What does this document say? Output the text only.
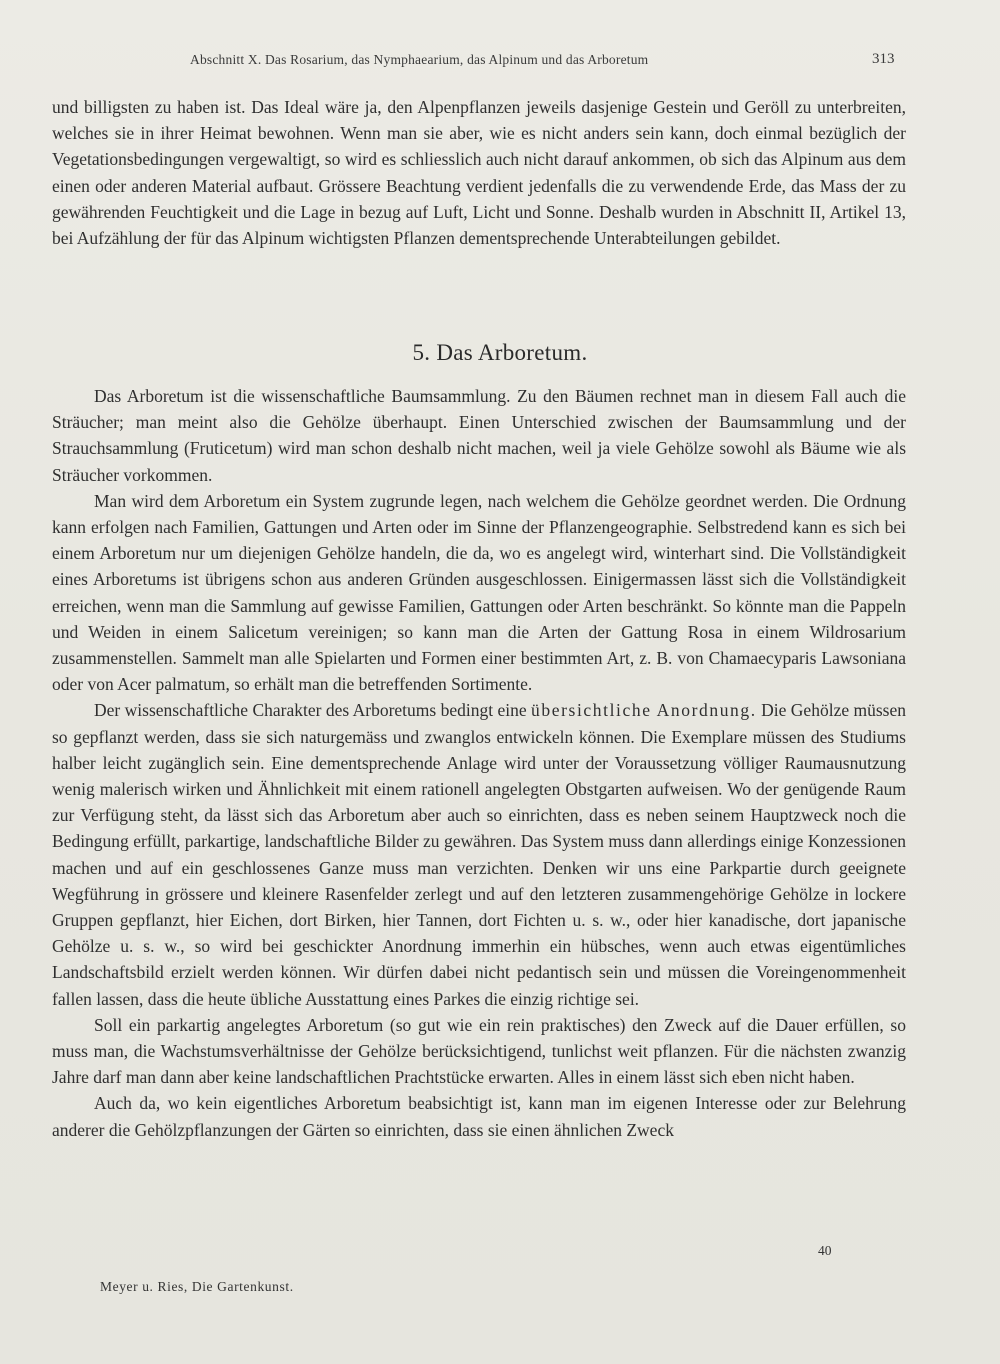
Abschnitt X. Das Rosarium, das Nymphaearium, das Alpinum und das Arboretum	313

und billigsten zu haben ist. Das Ideal wäre ja, den Alpenpflanzen jeweils dasjenige Gestein und Geröll zu unterbreiten, welches sie in ihrer Heimat bewohnen. Wenn man sie aber, wie es nicht anders sein kann, doch einmal bezüglich der Vegetationsbedingungen vergewaltigt, so wird es schliesslich auch nicht darauf ankommen, ob sich das Alpinum aus dem einen oder anderen Material aufbaut. Grössere Beachtung verdient jedenfalls die zu verwendende Erde, das Mass der zu gewährenden Feuchtigkeit und die Lage in bezug auf Luft, Licht und Sonne. Deshalb wurden in Abschnitt II, Artikel 13, bei Aufzählung der für das Alpinum wichtigsten Pflanzen dementsprechende Unterabteilungen gebildet.

5. Das Arboretum.

Das Arboretum ist die wissenschaftliche Baumsammlung. Zu den Bäumen rechnet man in diesem Fall auch die Sträucher; man meint also die Gehölze überhaupt. Einen Unterschied zwischen der Baumsammlung und der Strauchsammlung (Fruticetum) wird man schon deshalb nicht machen, weil ja viele Gehölze sowohl als Bäume wie als Sträucher vorkommen.

Man wird dem Arboretum ein System zugrunde legen, nach welchem die Gehölze geordnet werden. Die Ordnung kann erfolgen nach Familien, Gattungen und Arten oder im Sinne der Pflanzengeographie. Selbstredend kann es sich bei einem Arboretum nur um diejenigen Gehölze handeln, die da, wo es angelegt wird, winterhart sind. Die Vollständigkeit eines Arboretums ist übrigens schon aus anderen Gründen ausgeschlossen. Einigermassen lässt sich die Vollständigkeit erreichen, wenn man die Sammlung auf gewisse Familien, Gattungen oder Arten beschränkt. So könnte man die Pappeln und Weiden in einem Salicetum vereinigen; so kann man die Arten der Gattung Rosa in einem Wildrosarium zusammenstellen. Sammelt man alle Spielarten und Formen einer bestimmten Art, z. B. von Chamaecyparis Lawsoniana oder von Acer palmatum, so erhält man die betreffenden Sortimente.

Der wissenschaftliche Charakter des Arboretums bedingt eine übersichtliche Anordnung. Die Gehölze müssen so gepflanzt werden, dass sie sich naturgemäss und zwanglos entwickeln können. Die Exemplare müssen des Studiums halber leicht zugänglich sein. Eine dementsprechende Anlage wird unter der Voraussetzung völliger Raumausnutzung wenig malerisch wirken und Ähnlichkeit mit einem rationell angelegten Obstgarten aufweisen. Wo der genügende Raum zur Verfügung steht, da lässt sich das Arboretum aber auch so einrichten, dass es neben seinem Hauptzweck noch die Bedingung erfüllt, parkartige, landschaftliche Bilder zu gewähren. Das System muss dann allerdings einige Konzessionen machen und auf ein geschlossenes Ganze muss man verzichten. Denken wir uns eine Parkpartie durch geeignete Wegführung in grössere und kleinere Rasenfelder zerlegt und auf den letzteren zusammengehörige Gehölze in lockere Gruppen gepflanzt, hier Eichen, dort Birken, hier Tannen, dort Fichten u. s. w., oder hier kanadische, dort japanische Gehölze u. s. w., so wird bei geschickter Anordnung immerhin ein hübsches, wenn auch etwas eigentümliches Landschaftsbild erzielt werden können. Wir dürfen dabei nicht pedantisch sein und müssen die Voreingenommenheit fallen lassen, dass die heute übliche Ausstattung eines Parkes die einzig richtige sei.

Soll ein parkartig angelegtes Arboretum (so gut wie ein rein praktisches) den Zweck auf die Dauer erfüllen, so muss man, die Wachstumsverhältnisse der Gehölze berücksichtigend, tunlichst weit pflanzen. Für die nächsten zwanzig Jahre darf man dann aber keine landschaftlichen Prachtstücke erwarten. Alles in einem lässt sich eben nicht haben.

Auch da, wo kein eigentliches Arboretum beabsichtigt ist, kann man im eigenen Interesse oder zur Belehrung anderer die Gehölzpflanzungen der Gärten so einrichten, dass sie einen ähnlichen Zweck

40
Meyer u. Ries, Die Gartenkunst.
